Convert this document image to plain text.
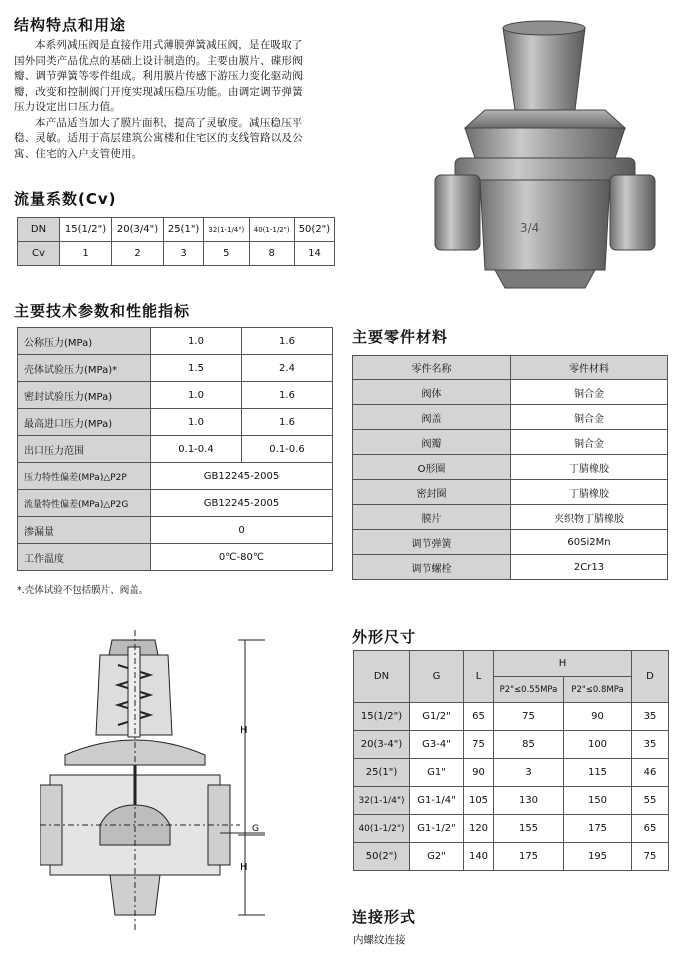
结构特点和用途
本系列减压阀是直接作用式薄膜弹簧减压阀，是在吸取了
国外同类产品优点的基础上设计制造的。主要由膜片、碟形阀
瓣、调节弹簧等零件组成。利用膜片传感下游压力变化驱动阀
瓣，改变和控制阀门开度实现减压稳压功能。由调定调节弹簧
压力设定出口压力值。
本产品适当加大了膜片面积，提高了灵敏度。减压稳压平
稳、灵敏。适用于高层建筑公寓楼和住宅区的支线管路以及公
寓、住宅的入户支管使用。
3/4
流量系数(Cv)
DN	15(1/2")	20(3/4")	25(1")	32(1-1/4")	40(1-1/2")	50(2")
Cv	1	2	3	5	8	14
主要技术参数和性能指标
公称压力(MPa)	1.0	1.6
壳体试验压力(MPa)*	1.5	2.4
密封试验压力(MPa)	1.0	1.6
最高进口压力(MPa)	1.0	1.6
出口压力范围	0.1-0.4	0.1-0.6
压力特性偏差(MPa)△P2P	GB12245-2005	
流量特性偏差(MPa)△P2G	GB12245-2005	
渗漏量	0	
工作温度	0℃-80℃	
*.壳体试验不包括膜片、阀盖。
主要零件材料
零件名称	零件材料
阀体	铜合金
阀盖	铜合金
阀瓣	铜合金
O形圈	丁腈橡胶
密封圈	丁腈橡胶
膜片	夹织物丁腈橡胶
调节弹簧	60Si2Mn
调节螺栓	2Cr13
H
G
H
外形尺寸
DN	G	L	H		D
			P2"≤0.55MPa	P2"≤0.8MPa	
15(1/2")	G1/2"	65	75	90	35
20(3-4")	G3-4"	75	85	100	35
25(1")	G1"	90	3	115	46
32(1-1/4")	G1-1/4"	105	130	150	55
40(1-1/2")	G1-1/2"	120	155	175	65
50(2")	G2"	140	175	195	75
连接形式
内螺纹连接
